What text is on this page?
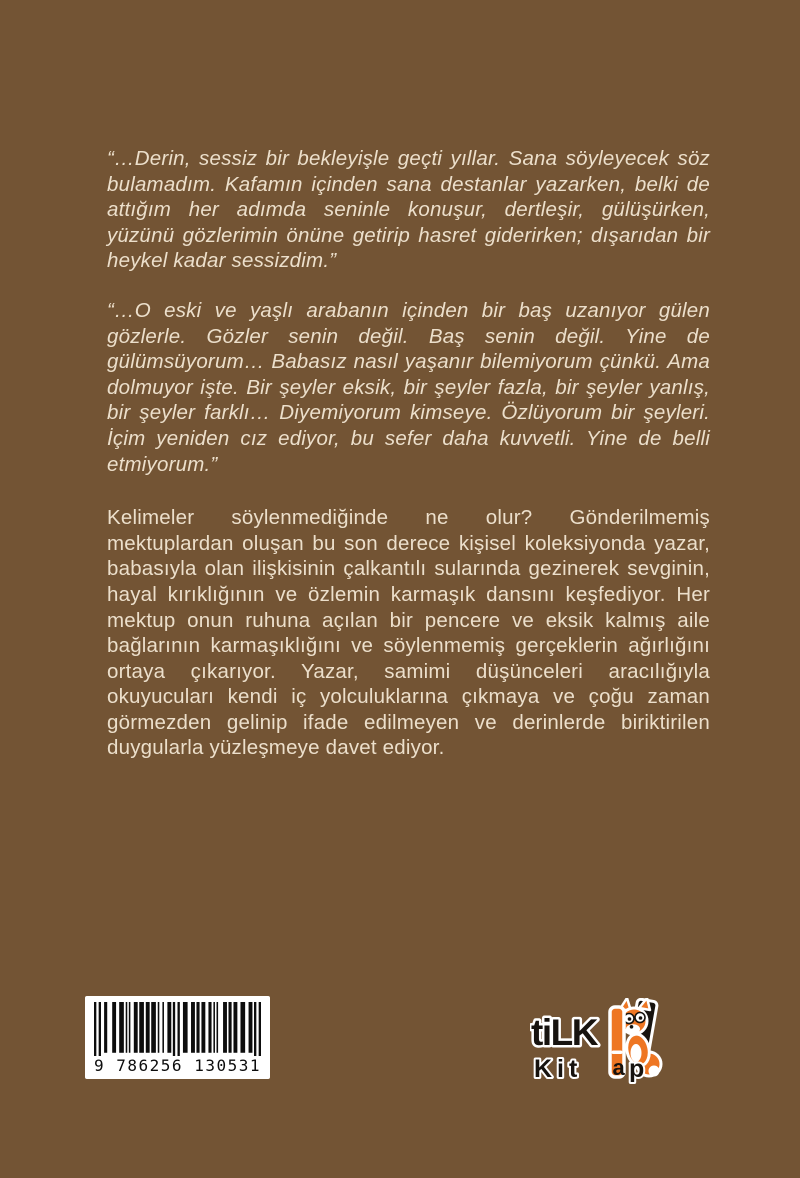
“…Derin, sessiz bir bekleyişle geçti yıllar. Sana söyleyecek söz bulamadım. Kafamın içinden sana destanlar yazarken, belki de attığım her adımda seninle konuşur, dertleşir, gülüşürken, yüzünü gözlerimin önüne getirip hasret giderirken; dışarıdan bir heykel kadar sessizdim.”

“…O eski ve yaşlı arabanın içinden bir baş uzanıyor gülen gözlerle. Gözler senin değil. Baş senin değil. Yine de gülümsüyorum… Babasız nasıl yaşanır bilemiyorum çünkü. Ama dolmuyor işte. Bir şeyler eksik, bir şeyler fazla, bir şeyler yanlış, bir şeyler farklı… Diyemiyorum kimseye. Özlüyorum bir şeyleri. İçim yeniden cız ediyor, bu sefer daha kuvvetli. Yine de belli etmiyorum.”

Kelimeler söylenmediğinde ne olur? Gönderilmemiş mektuplardan oluşan bu son derece kişisel koleksiyonda yazar, babasıyla olan ilişkisinin çalkantılı sularında gezinerek sevginin, hayal kırıklığının ve özlemin karmaşık dansını keşfediyor. Her mektup onun ruhuna açılan bir pencere ve eksik kalmış aile bağlarının karmaşıklığını ve söylenmemiş gerçeklerin ağırlığını ortaya çıkarıyor. Yazar, samimi düşünceleri aracılığıyla okuyucuları kendi iç yolculuklarına çıkmaya ve çoğu zaman görmezden gelinip ifade edilmeyen ve derinlerde biriktirilen duygularla yüzleşmeye davet ediyor.

9 786256 130531
tiLK
Kit a p
